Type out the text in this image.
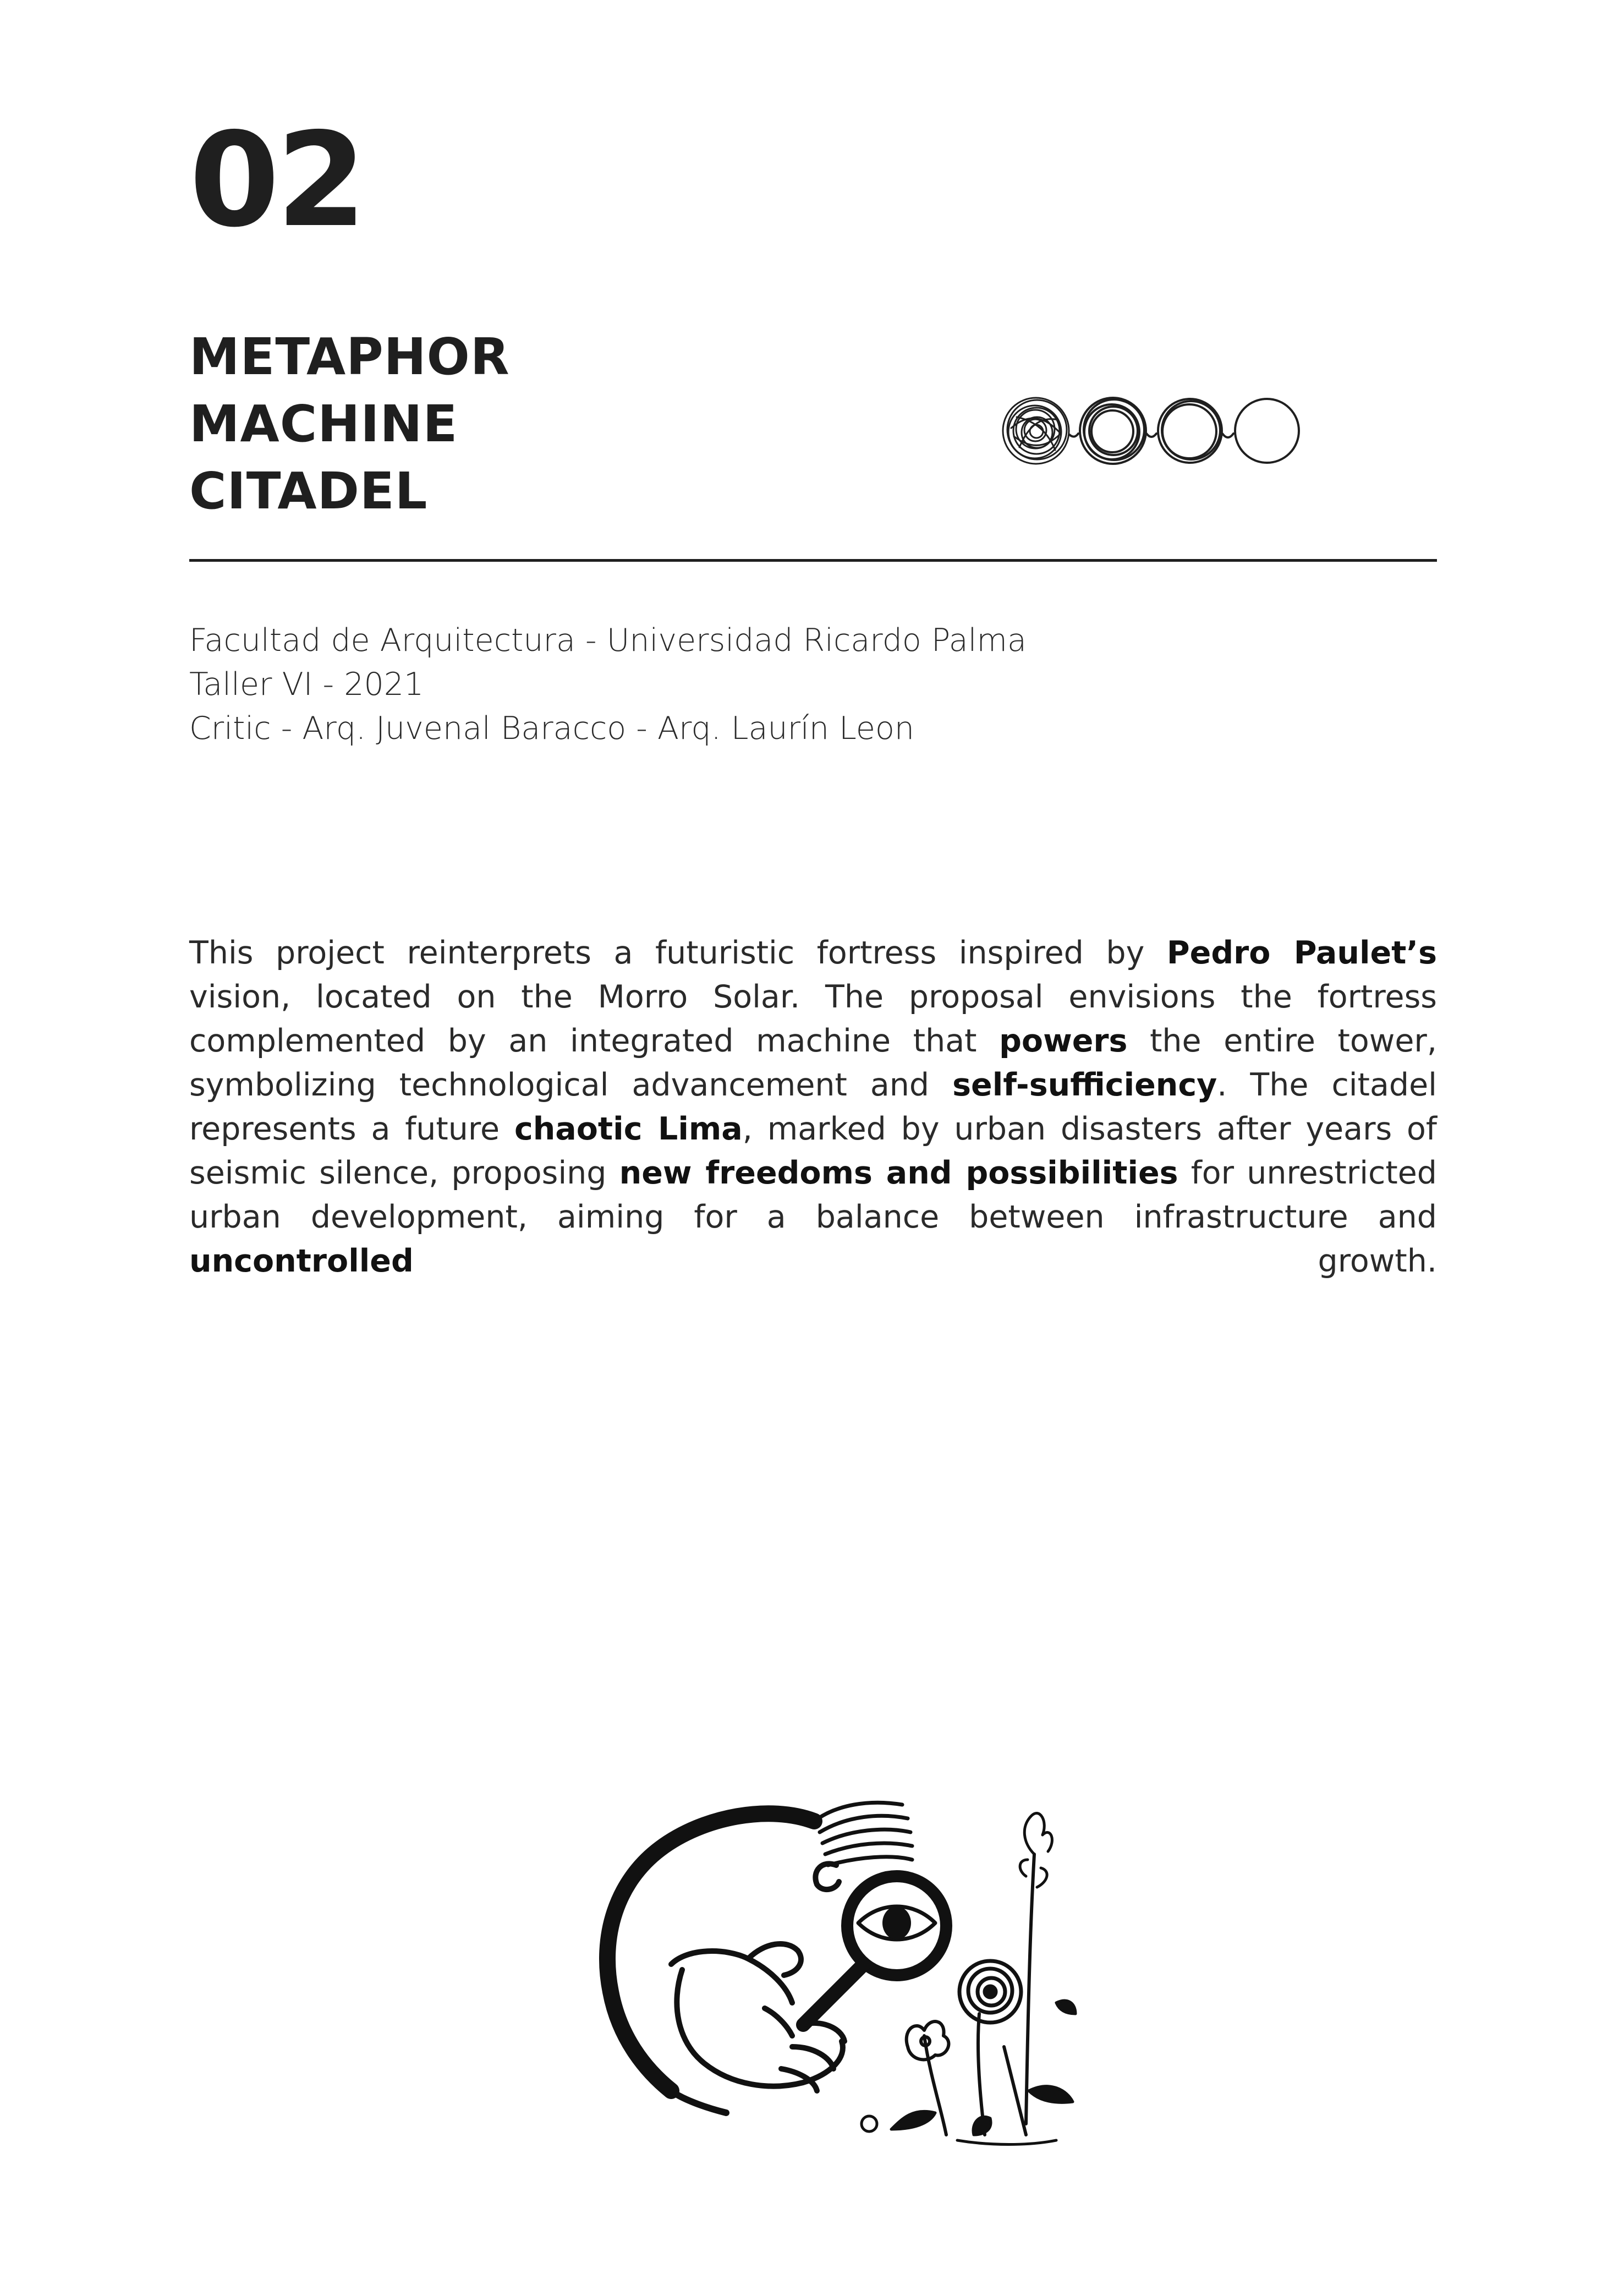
02
METAPHOR
MACHINE
CITADEL
Facultad de Arquitectura - Universidad Ricardo Palma
Taller VI - 2021
Critic - Arq. Juvenal Baracco - Arq. Laurín Leon

This project reinterprets a futuristic fortress inspired by Pedro Paulet’s vision, located on the Morro Solar. The proposal envisions the fortress complemented by an integrated machine that powers the entire tower, symbolizing technological advancement and self-sufficiency. The citadel represents a future chaotic Lima, marked by urban disasters after years of seismic silence, proposing new freedoms and possibilities for unrestricted urban development, aiming for a balance between infrastructure and uncontrolled growth.
